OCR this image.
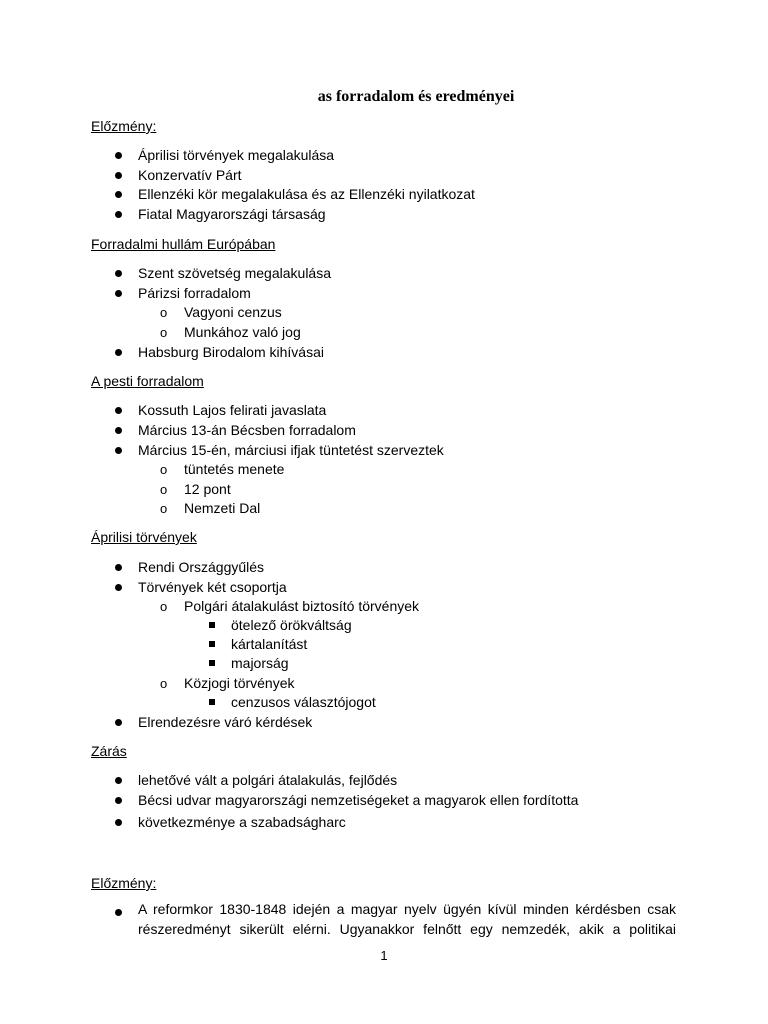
as forradalom és eredményei
Előzmény:
Áprilisi törvények megalakulása
Konzervatív Párt
Ellenzéki kör megalakulása és az Ellenzéki nyilatkozat
Fiatal Magyarországi társaság
Forradalmi hullám Európában
Szent szövetség megalakulása
Párizsi forradalom
o Vagyoni cenzus
o Munkához való jog
Habsburg Birodalom kihívásai
A pesti forradalom
Kossuth Lajos felirati javaslata
Március 13-án Bécsben forradalom
Március 15-én, márciusi ifjak tüntetést szerveztek
o tüntetés menete
o 12 pont
o Nemzeti Dal
Áprilisi törvények
Rendi Országgyűlés
Törvények két csoportja
o Polgári átalakulást biztosító törvények
ötelező örökváltság
kártalanítást
majorság
o Közjogi törvények
cenzusos választójogot
Elrendezésre váró kérdések
Zárás
lehetővé vált a polgári átalakulás, fejlődés
Bécsi udvar magyarországi nemzetiségeket a magyarok ellen fordította
következménye a szabadságharc
Előzmény:
A reformkor 1830-1848 idején a magyar nyelv ügyén kívül minden kérdésben csak
részeredményt sikerült elérni. Ugyanakkor felnőtt egy nemzedék, akik a politikai
1
